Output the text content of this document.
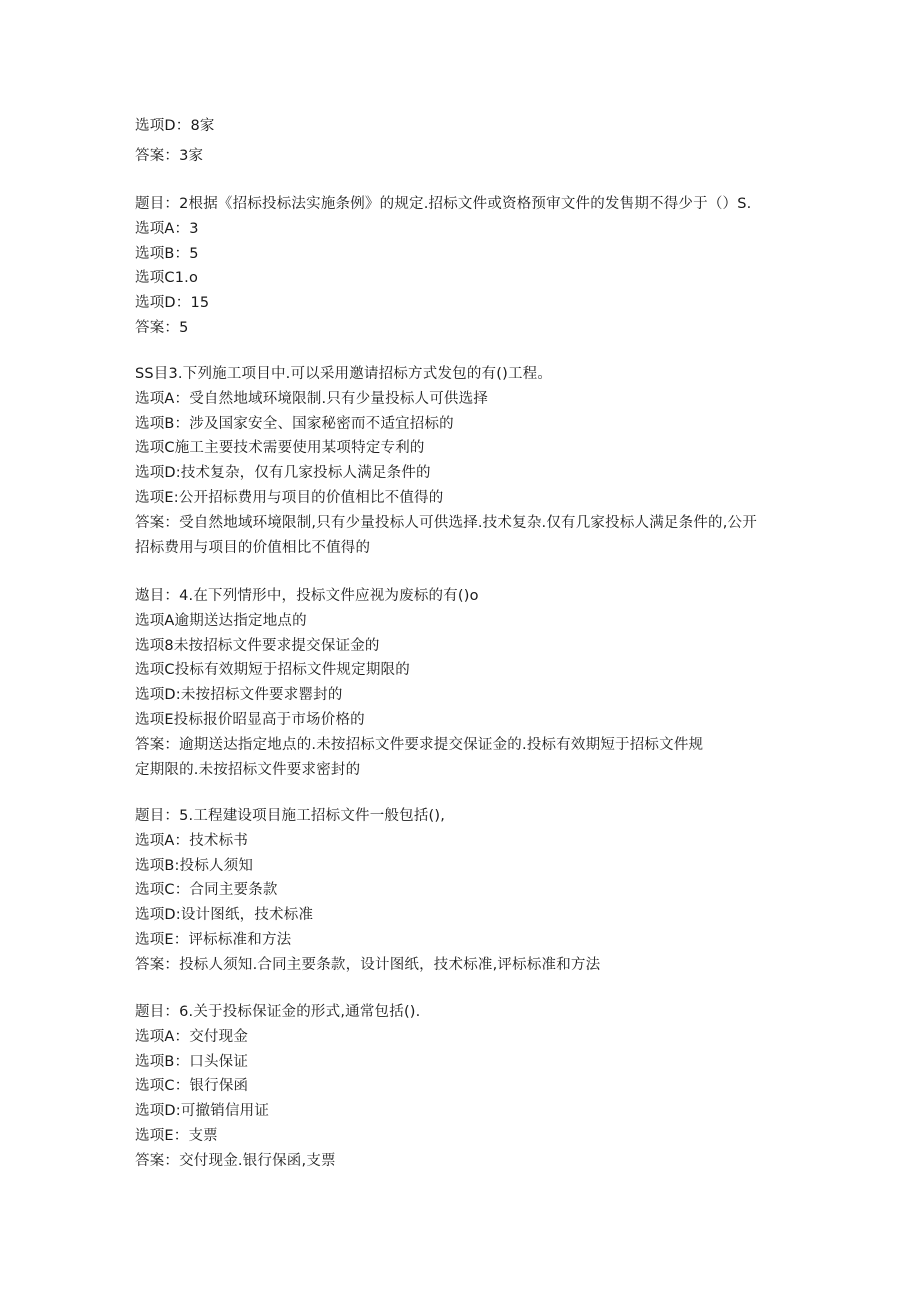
选项D：8家
答案：3家
题目：2根据《招标投标法实施条例》的规定.招标文件或资格预审文件的发售期不得少于（）S.
选项A：3
选项B：5
选项C1.o
选项D：15
答案：5
SS目3.下列施工项目中.可以采用邀请招标方式发包的有()工程。
选项A：受自然地域环境限制.只有少量投标人可供选择
选项B：涉及国家安全、国家秘密而不适宜招标的
选项C施工主要技术需要使用某项特定专利的
选项D:技术复杂，仅有几家投标人满足条件的
选项E:公开招标费用与项目的价值相比不值得的
答案：受自然地域环境限制,只有少量投标人可供选择.技术复杂.仅有几家投标人满足条件的,公开
招标费用与项目的价值相比不值得的
遨目：4.在下列情形中，投标文件应视为废标的有()o
选项A逾期送达指定地点的
选项8未按招标文件要求提交保证金的
选项C投标有效期短于招标文件规定期限的
选项D:未按招标文件要求罂封的
选项E投标报价昭显高于市场价格的
答案：逾期送达指定地点的.未按招标文件要求提交保证金的.投标有效期短于招标文件规
定期限的.未按招标文件要求密封的
题目：5.工程建设项目施工招标文件一般包括(),
选项A：技术标书
选项B:投标人须知
选项C：合同主要条款
选项D:设计图纸，技术标准
选项E：评标标准和方法
答案：投标人须知.合同主要条款，设计图纸，技术标准,评标标准和方法
题目：6.关于投标保证金的形式,通常包括().
选项A：交付现金
选项B：口头保证
选项C：银行保函
选项D:可撤销信用证
选项E：支票
答案：交付现金.银行保函,支票
